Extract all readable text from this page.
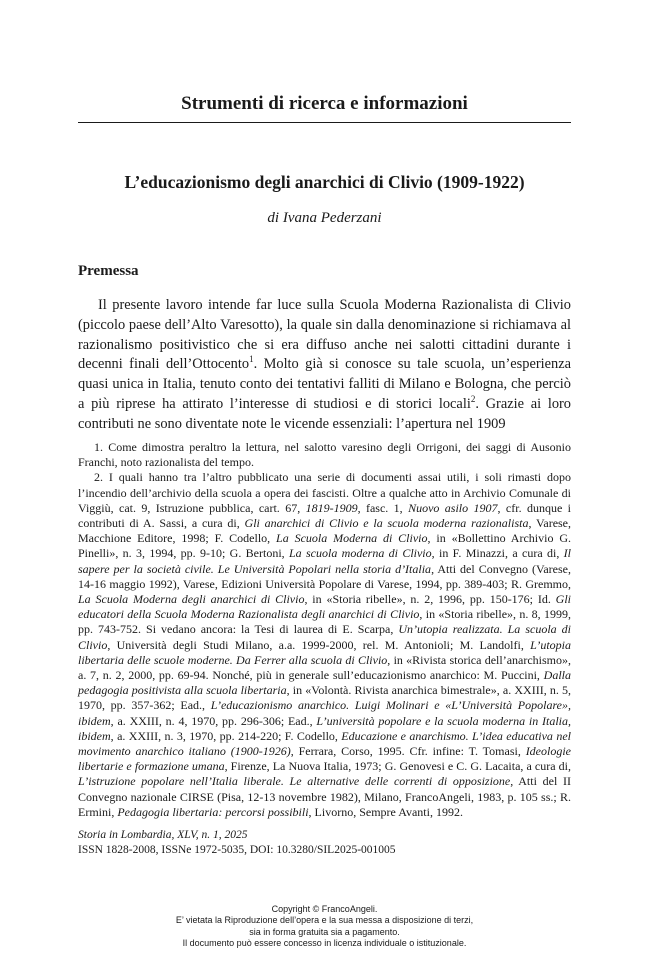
Strumenti di ricerca e informazioni
L’educazionismo degli anarchici di Clivio (1909-1922)
di Ivana Pederzani
Premessa

Il presente lavoro intende far luce sulla Scuola Moderna Razionalista di Clivio (piccolo paese dell’Alto Varesotto), la quale sin dalla denominazione si richiamava al razionalismo positivistico che si era diffuso anche nei salotti cittadini durante i decenni finali dell’Ottocento$^1$. Molto già si conosce su tale scuola, un’esperienza quasi unica in Italia, tenuto conto dei tentativi falliti di Milano e Bologna, che perciò a più riprese ha attirato l’interesse di studiosi e di storici locali$^2$. Grazie ai loro contributi ne sono diventate note le vicende essenziali: l’apertura nel 1909

1. Come dimostra peraltro la lettura, nel salotto varesino degli Orrigoni, dei saggi di Ausonio Franchi, noto razionalista del tempo.

2. I quali hanno tra l’altro pubblicato una serie di documenti assai utili, i soli rimasti dopo l’incendio dell’archivio della scuola a opera dei fascisti. Oltre a qualche atto in Archivio Comunale di Viggiù, cat. 9, Istruzione pubblica, cart. 67, 1819-1909, fasc. 1, Nuovo asilo 1907, cfr. dunque i contributi di A. Sassi, a cura di, Gli anarchici di Clivio e la scuola moderna razionalista, Varese, Macchione Editore, 1998; F. Codello, La Scuola Moderna di Clivio, in «Bollettino Archivio G. Pinelli», n. 3, 1994, pp. 9-10; G. Bertoni, La scuola moderna di Clivio, in F. Minazzi, a cura di, Il sapere per la società civile. Le Università Popolari nella storia d’Italia, Atti del Convegno (Varese, 14-16 maggio 1992), Varese, Edizioni Università Popolare di Varese, 1994, pp. 389-403; R. Gremmo, La Scuola Moderna degli anarchici di Clivio, in «Storia ribelle», n. 2, 1996, pp. 150-176; Id. Gli educatori della Scuola Moderna Razionalista degli anarchici di Clivio, in «Storia ribelle», n. 8, 1999, pp. 743-752. Si vedano ancora: la Tesi di laurea di E. Scarpa, Un’utopia realizzata. La scuola di Clivio, Università degli Studi Milano, a.a. 1999-2000, rel. M. Antonioli; M. Landolfi, L’utopia libertaria delle scuole moderne. Da Ferrer alla scuola di Clivio, in «Rivista storica dell’anarchismo», a. 7, n. 2, 2000, pp. 69-94. Nonché, più in generale sull’educazionismo anarchico: M. Puccini, Dalla pedagogia positivista alla scuola libertaria, in «Volontà. Rivista anarchica bimestrale», a. XXIII, n. 5, 1970, pp. 357-362; Ead., L’educazionismo anarchico. Luigi Molinari e «L’Università Popolare», ibidem, a. XXIII, n. 4, 1970, pp. 296-306; Ead., L’università popolare e la scuola moderna in Italia, ibidem, a. XXIII, n. 3, 1970, pp. 214-220; F. Codello, Educazione e anarchismo. L’idea educativa nel movimento anarchico italiano (1900-1926), Ferrara, Corso, 1995. Cfr. infine: T. Tomasi, Ideologie libertarie e formazione umana, Firenze, La Nuova Italia, 1973; G. Genovesi e C. G. Lacaita, a cura di, L’istruzione popolare nell’Italia liberale. Le alternative delle correnti di opposizione, Atti del II Convegno nazionale CIRSE (Pisa, 12-13 novembre 1982), Milano, FrancoAngeli, 1983, p. 105 ss.; R. Ermini, Pedagogia libertaria: percorsi possibili, Livorno, Sempre Avanti, 1992.

Storia in Lombardia, XLV, n. 1, 2025
ISSN 1828-2008, ISSNe 1972-5035, DOI: 10.3280/SIL2025-001005
Copyright © FrancoAngeli.
E’ vietata la Riproduzione dell’opera e la sua messa a disposizione di terzi,
sia in forma gratuita sia a pagamento.
Il documento può essere concesso in licenza individuale o istituzionale.
